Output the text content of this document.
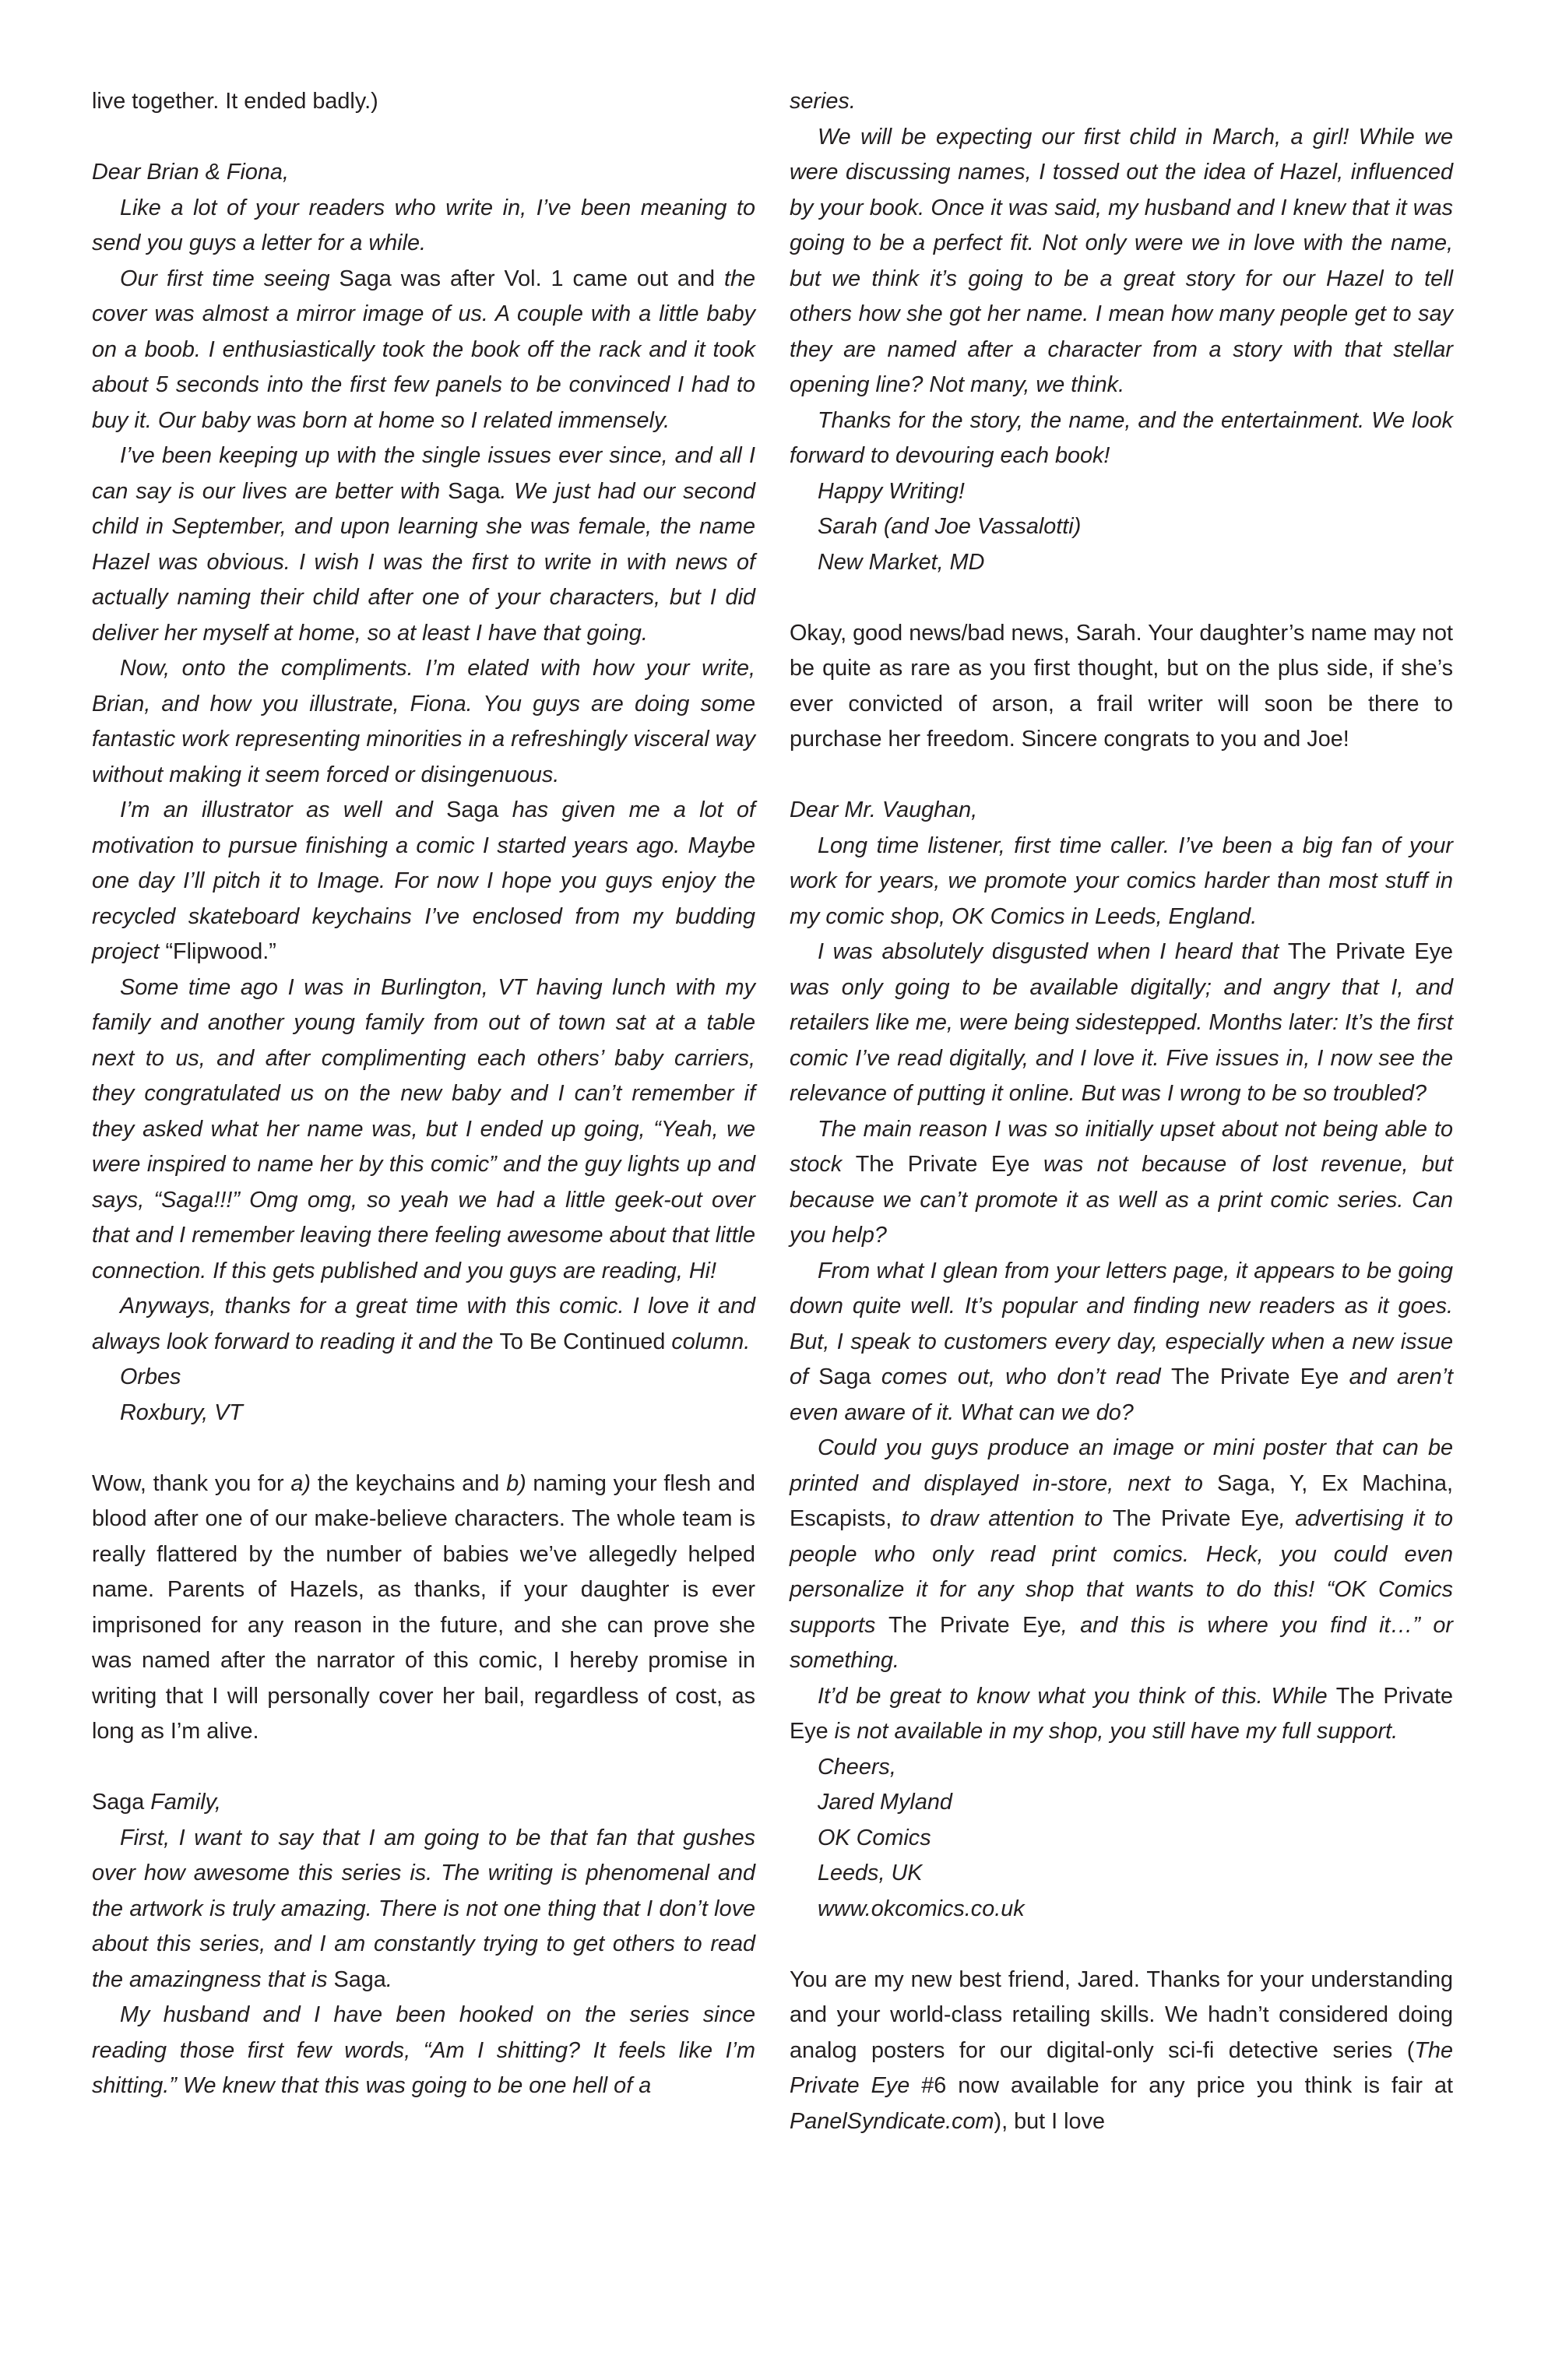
live together. It ended badly.)

Dear Brian & Fiona,

Like a lot of your readers who write in, I’ve been meaning to send you guys a letter for a while.

Our first time seeing Saga was after Vol. 1 came out and the cover was almost a mirror image of us. A couple with a little baby on a boob. I enthusiastically took the book off the rack and it took about 5 seconds into the first few panels to be convinced I had to buy it. Our baby was born at home so I related immensely.

I’ve been keeping up with the single issues ever since, and all I can say is our lives are better with Saga. We just had our second child in September, and upon learning she was female, the name Hazel was obvious. I wish I was the first to write in with news of actually naming their child after one of your characters, but I did deliver her myself at home, so at least I have that going.

Now, onto the compliments. I’m elated with how your write, Brian, and how you illustrate, Fiona. You guys are doing some fantastic work representing minorities in a refreshingly visceral way without making it seem forced or disingenuous.

I’m an illustrator as well and Saga has given me a lot of motivation to pursue finishing a comic I started years ago. Maybe one day I’ll pitch it to Image. For now I hope you guys enjoy the recycled skateboard keychains I’ve enclosed from my budding project “Flipwood.”

Some time ago I was in Burlington, VT having lunch with my family and another young family from out of town sat at a table next to us, and after complimenting each others’ baby carriers, they congratulated us on the new baby and I can’t remember if they asked what her name was, but I ended up going, “Yeah, we were inspired to name her by this comic” and the guy lights up and says, “Saga!!!” Omg omg, so yeah we had a little geek-out over that and I remember leaving there feeling awesome about that little connection. If this gets published and you guys are reading, Hi!

Anyways, thanks for a great time with this comic. I love it and always look forward to reading it and the To Be Continued column.

Orbes

Roxbury, VT

Wow, thank you for a) the keychains and b) naming your flesh and blood after one of our make-believe characters. The whole team is really flattered by the number of babies we’ve allegedly helped name. Parents of Hazels, as thanks, if your daughter is ever imprisoned for any reason in the future, and she can prove she was named after the narrator of this comic, I hereby promise in writing that I will personally cover her bail, regardless of cost, as long as I’m alive.

Saga Family,

First, I want to say that I am going to be that fan that gushes over how awesome this series is. The writing is phenomenal and the artwork is truly amazing. There is not one thing that I don’t love about this series, and I am constantly trying to get others to read the amazingness that is Saga.

My husband and I have been hooked on the series since reading those first few words, “Am I shitting? It feels like I’m shitting.” We knew that this was going to be one hell of a

series.

We will be expecting our first child in March, a girl! While we were discussing names, I tossed out the idea of Hazel, influenced by your book. Once it was said, my husband and I knew that it was going to be a perfect fit. Not only were we in love with the name, but we think it’s going to be a great story for our Hazel to tell others how she got her name. I mean how many people get to say they are named after a character from a story with that stellar opening line? Not many, we think.

Thanks for the story, the name, and the entertainment. We look forward to devouring each book!

Happy Writing!

Sarah (and Joe Vassalotti)

New Market, MD

Okay, good news/bad news, Sarah. Your daughter’s name may not be quite as rare as you first thought, but on the plus side, if she’s ever convicted of arson, a frail writer will soon be there to purchase her freedom. Sincere congrats to you and Joe!

Dear Mr. Vaughan,

Long time listener, first time caller. I’ve been a big fan of your work for years, we promote your comics harder than most stuff in my comic shop, OK Comics in Leeds, England.

I was absolutely disgusted when I heard that The Private Eye was only going to be available digitally; and angry that I, and retailers like me, were being sidestepped. Months later: It’s the first comic I’ve read digitally, and I love it. Five issues in, I now see the relevance of putting it online. But was I wrong to be so troubled?

The main reason I was so initially upset about not being able to stock The Private Eye was not because of lost revenue, but because we can’t promote it as well as a print comic series. Can you help?

From what I glean from your letters page, it appears to be going down quite well. It’s popular and finding new readers as it goes. But, I speak to customers every day, especially when a new issue of Saga comes out, who don’t read The Private Eye and aren’t even aware of it. What can we do?

Could you guys produce an image or mini poster that can be printed and displayed in-store, next to Saga, Y, Ex Machina, Escapists, to draw attention to The Private Eye, advertising it to people who only read print comics. Heck, you could even personalize it for any shop that wants to do this! “OK Comics supports The Private Eye, and this is where you find it…” or something.

It’d be great to know what you think of this. While The Private Eye is not available in my shop, you still have my full support.

Cheers,

Jared Myland

OK Comics

Leeds, UK

www.okcomics.co.uk

You are my new best friend, Jared. Thanks for your understanding and your world-class retailing skills. We hadn’t considered doing analog posters for our digital-only sci-fi detective series (The Private Eye #6 now available for any price you think is fair at PanelSyndicate.com), but I love
